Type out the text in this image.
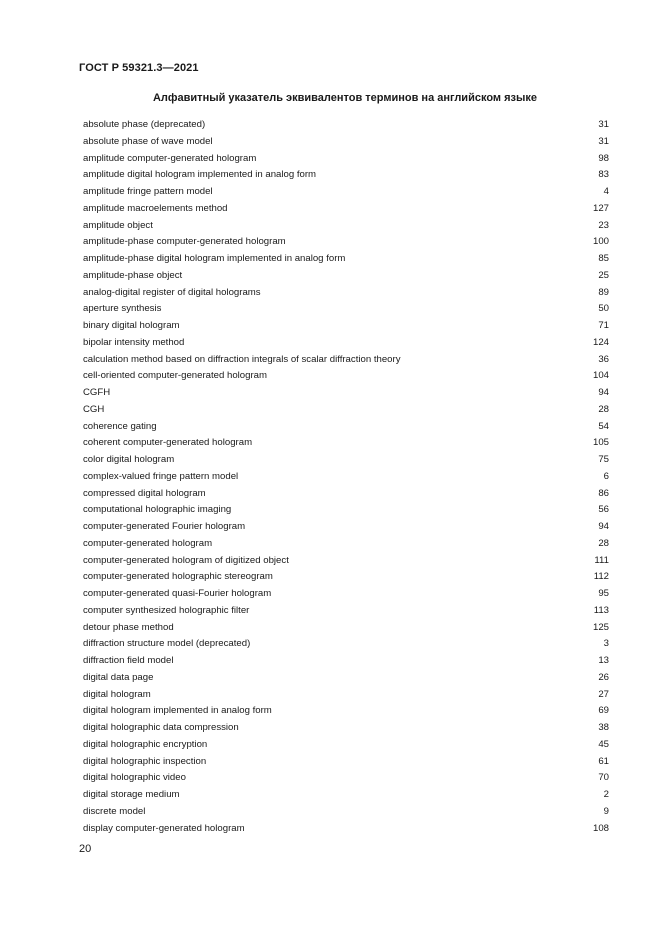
ГОСТ Р 59321.3—2021
Алфавитный указатель эквивалентов терминов на английском языке
absolute phase (deprecated)	31
absolute phase of wave model	31
amplitude computer-generated hologram	98
amplitude digital hologram implemented in analog form	83
amplitude fringe pattern model	4
amplitude macroelements method	127
amplitude object	23
amplitude-phase computer-generated hologram	100
amplitude-phase digital hologram implemented in analog form	85
amplitude-phase object	25
analog-digital register of digital holograms	89
aperture synthesis	50
binary digital hologram	71
bipolar intensity method	124
calculation method based on diffraction integrals of scalar diffraction theory	36
cell-oriented computer-generated hologram	104
CGFH	94
CGH	28
coherence gating	54
coherent computer-generated hologram	105
color digital hologram	75
complex-valued fringe pattern model	6
compressed digital hologram	86
computational holographic imaging	56
computer-generated Fourier hologram	94
computer-generated hologram	28
computer-generated hologram of digitized object	111
computer-generated holographic stereogram	112
computer-generated quasi-Fourier hologram	95
computer synthesized holographic filter	113
detour phase method	125
diffraction structure model (deprecated)	3
diffraction field model	13
digital data page	26
digital hologram	27
digital hologram implemented in analog form	69
digital holographic data compression	38
digital holographic encryption	45
digital holographic inspection	61
digital holographic video	70
digital storage medium	2
discrete model	9
display computer-generated hologram	108
20
